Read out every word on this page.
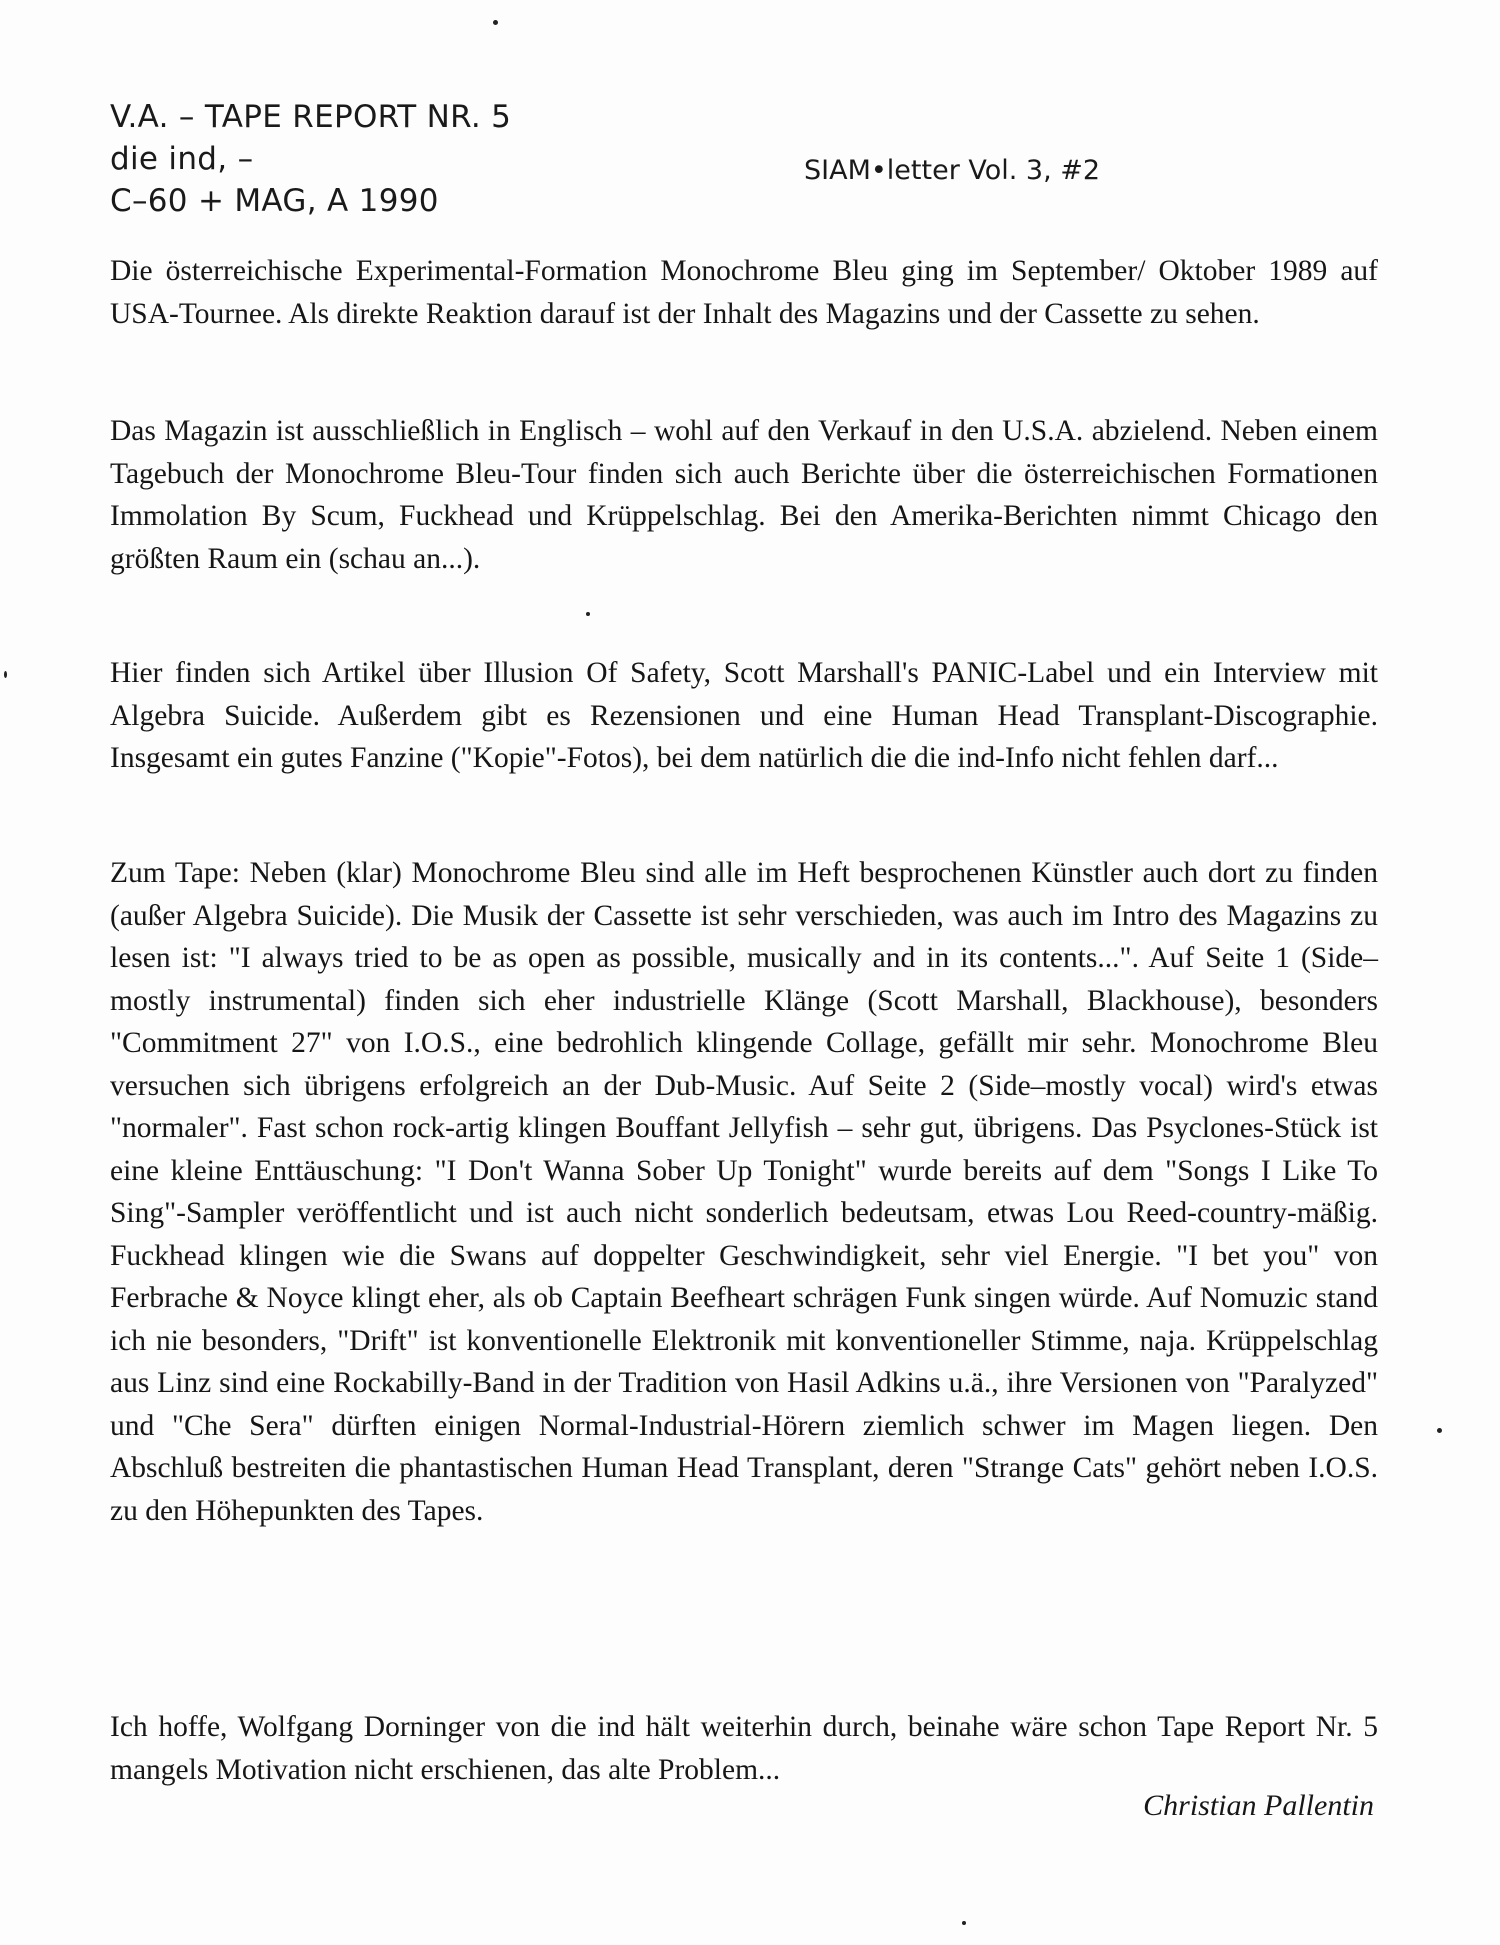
V.A. – TAPE REPORT NR. 5
die ind, –
C–60 + MAG, A 1990
SIAM•letter Vol. 3, #2

Die österreichische Experimental-Formation Monochrome Bleu ging im September/ Oktober 1989 auf USA-Tournee. Als direkte Reaktion darauf ist der Inhalt des Magazins und der Cassette zu sehen.

Das Magazin ist ausschließlich in Englisch – wohl auf den Verkauf in den U.S.A. abzielend. Neben einem Tagebuch der Monochrome Bleu-Tour finden sich auch Berichte über die österreichischen Formationen Immolation By Scum, Fuckhead und Krüppelschlag. Bei den Amerika-Berichten nimmt Chicago den größten Raum ein (schau an...).

Hier finden sich Artikel über Illusion Of Safety, Scott Marshall's PANIC-Label und ein Interview mit Algebra Suicide. Außerdem gibt es Rezensionen und eine Human Head Transplant-Discographie. Insgesamt ein gutes Fanzine ("Kopie"-Fotos), bei dem natürlich die die ind-Info nicht fehlen darf...

Zum Tape: Neben (klar) Monochrome Bleu sind alle im Heft besprochenen Künstler auch dort zu finden (außer Algebra Suicide). Die Musik der Cassette ist sehr verschieden, was auch im Intro des Magazins zu lesen ist: "I always tried to be as open as possible, musically and in its contents...". Auf Seite 1 (Side–mostly instrumental) finden sich eher industrielle Klänge (Scott Marshall, Blackhouse), besonders "Commitment 27" von I.O.S., eine bedrohlich klingende Collage, gefällt mir sehr. Monochrome Bleu versuchen sich übrigens erfolgreich an der Dub-Music. Auf Seite 2 (Side–mostly vocal) wird's etwas "normaler". Fast schon rock-artig klingen Bouffant Jellyfish – sehr gut, übrigens. Das Psyclones-Stück ist eine kleine Enttäuschung: "I Don't Wanna Sober Up Tonight" wurde bereits auf dem "Songs I Like To Sing"-Sampler veröffentlicht und ist auch nicht sonderlich bedeutsam, etwas Lou Reed-country-mäßig. Fuckhead klingen wie die Swans auf doppelter Geschwindigkeit, sehr viel Energie. "I bet you" von Ferbrache & Noyce klingt eher, als ob Captain Beefheart schrägen Funk singen würde. Auf Nomuzic stand ich nie besonders, "Drift" ist konventionelle Elektronik mit konventioneller Stimme, naja. Krüppelschlag aus Linz sind eine Rockabilly-Band in der Tradition von Hasil Adkins u.ä., ihre Versionen von "Paralyzed" und "Che Sera" dürften einigen Normal-Industrial-Hörern ziemlich schwer im Magen liegen. Den Abschluß bestreiten die phantastischen Human Head Transplant, deren "Strange Cats" gehört neben I.O.S. zu den Höhepunkten des Tapes.

Ich hoffe, Wolfgang Dorninger von die ind hält weiterhin durch, beinahe wäre schon Tape Report Nr. 5 mangels Motivation nicht erschienen, das alte Problem...

Christian Pallentin
